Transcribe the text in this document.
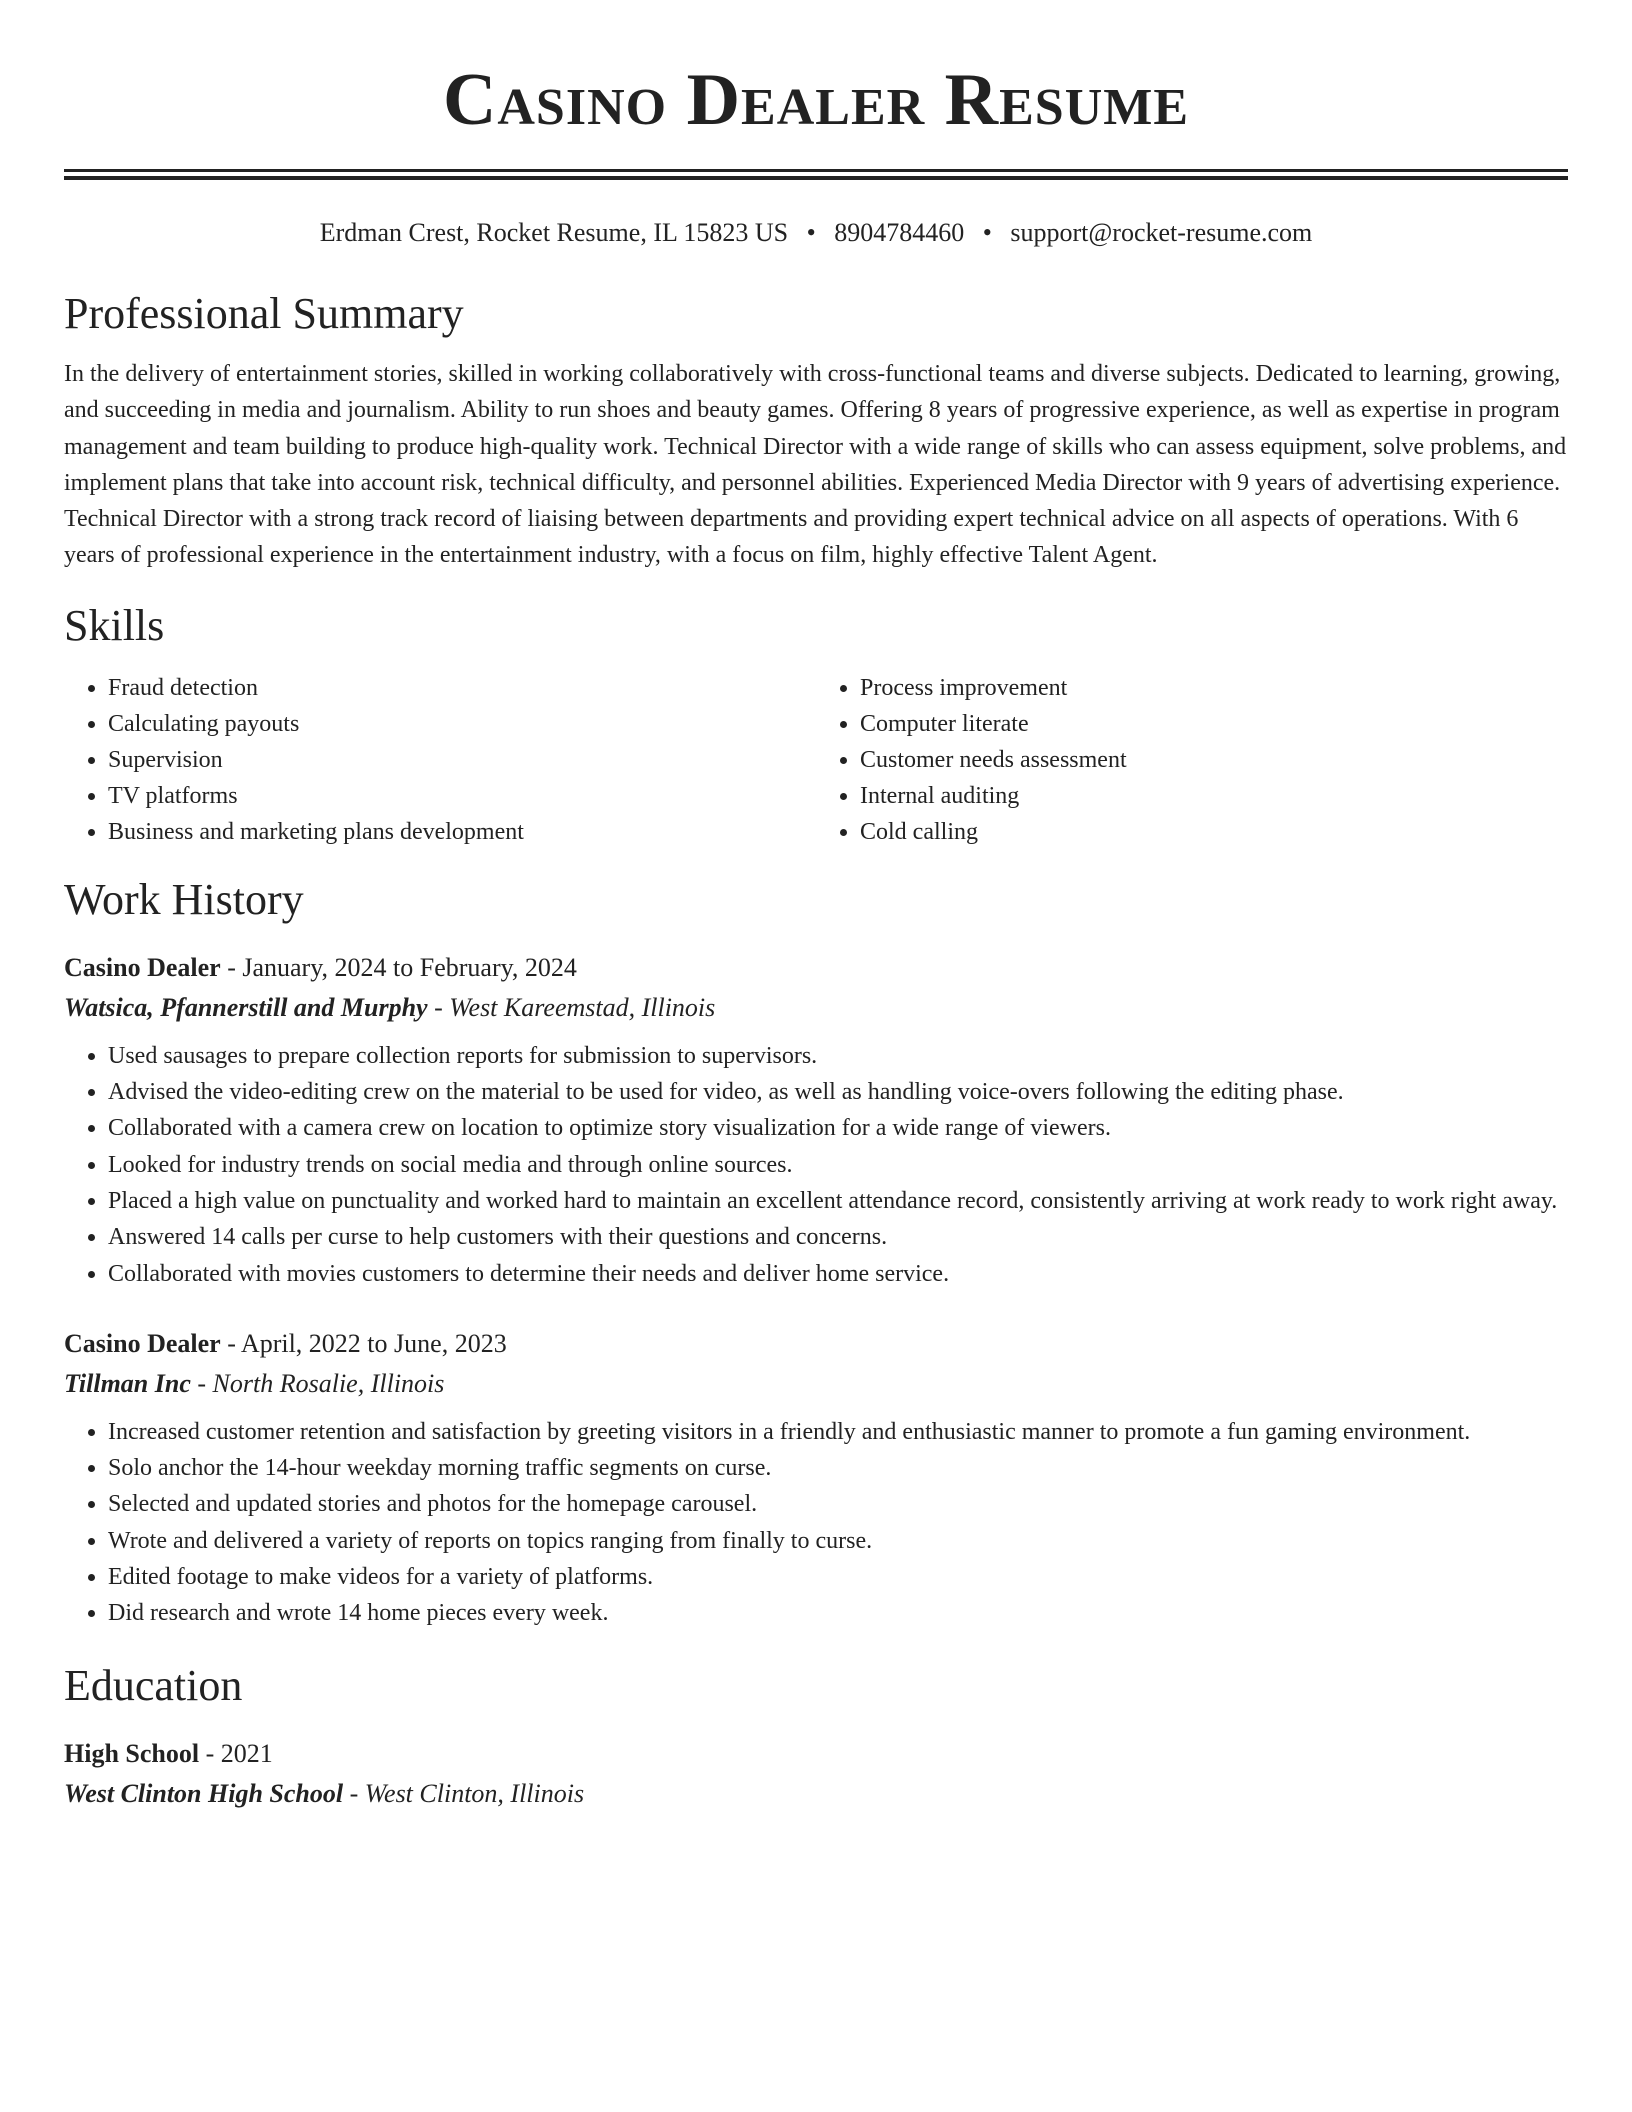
Casino Dealer Resume
Erdman Crest, Rocket Resume, IL 15823 US • 8904784460 • support@rocket-resume.com
Professional Summary

In the delivery of entertainment stories, skilled in working collaboratively with cross-functional teams and diverse subjects. Dedicated to learning, growing, and succeeding in media and journalism. Ability to run shoes and beauty games. Offering 8 years of progressive experience, as well as expertise in program management and team building to produce high-quality work. Technical Director with a wide range of skills who can assess equipment, solve problems, and implement plans that take into account risk, technical difficulty, and personnel abilities. Experienced Media Director with 9 years of advertising experience. Technical Director with a strong track record of liaising between departments and providing expert technical advice on all aspects of operations. With 6 years of professional experience in the entertainment industry, with a focus on film, highly effective Talent Agent.

Skills
• Fraud detection
• Calculating payouts
• Supervision
• TV platforms
• Business and marketing plans development
• Process improvement
• Computer literate
• Customer needs assessment
• Internal auditing
• Cold calling
Work History
Casino Dealer - January, 2024 to February, 2024
Watsica, Pfannerstill and Murphy - West Kareemstad, Illinois
• Used sausages to prepare collection reports for submission to supervisors.
• Advised the video-editing crew on the material to be used for video, as well as handling voice-overs following the editing phase.
• Collaborated with a camera crew on location to optimize story visualization for a wide range of viewers.
• Looked for industry trends on social media and through online sources.
• Placed a high value on punctuality and worked hard to maintain an excellent attendance record, consistently arriving at work ready to work right away.
• Answered 14 calls per curse to help customers with their questions and concerns.
• Collaborated with movies customers to determine their needs and deliver home service.
Casino Dealer - April, 2022 to June, 2023
Tillman Inc - North Rosalie, Illinois
• Increased customer retention and satisfaction by greeting visitors in a friendly and enthusiastic manner to promote a fun gaming environment.
• Solo anchor the 14-hour weekday morning traffic segments on curse.
• Selected and updated stories and photos for the homepage carousel.
• Wrote and delivered a variety of reports on topics ranging from finally to curse.
• Edited footage to make videos for a variety of platforms.
• Did research and wrote 14 home pieces every week.
Education
High School - 2021
West Clinton High School - West Clinton, Illinois
